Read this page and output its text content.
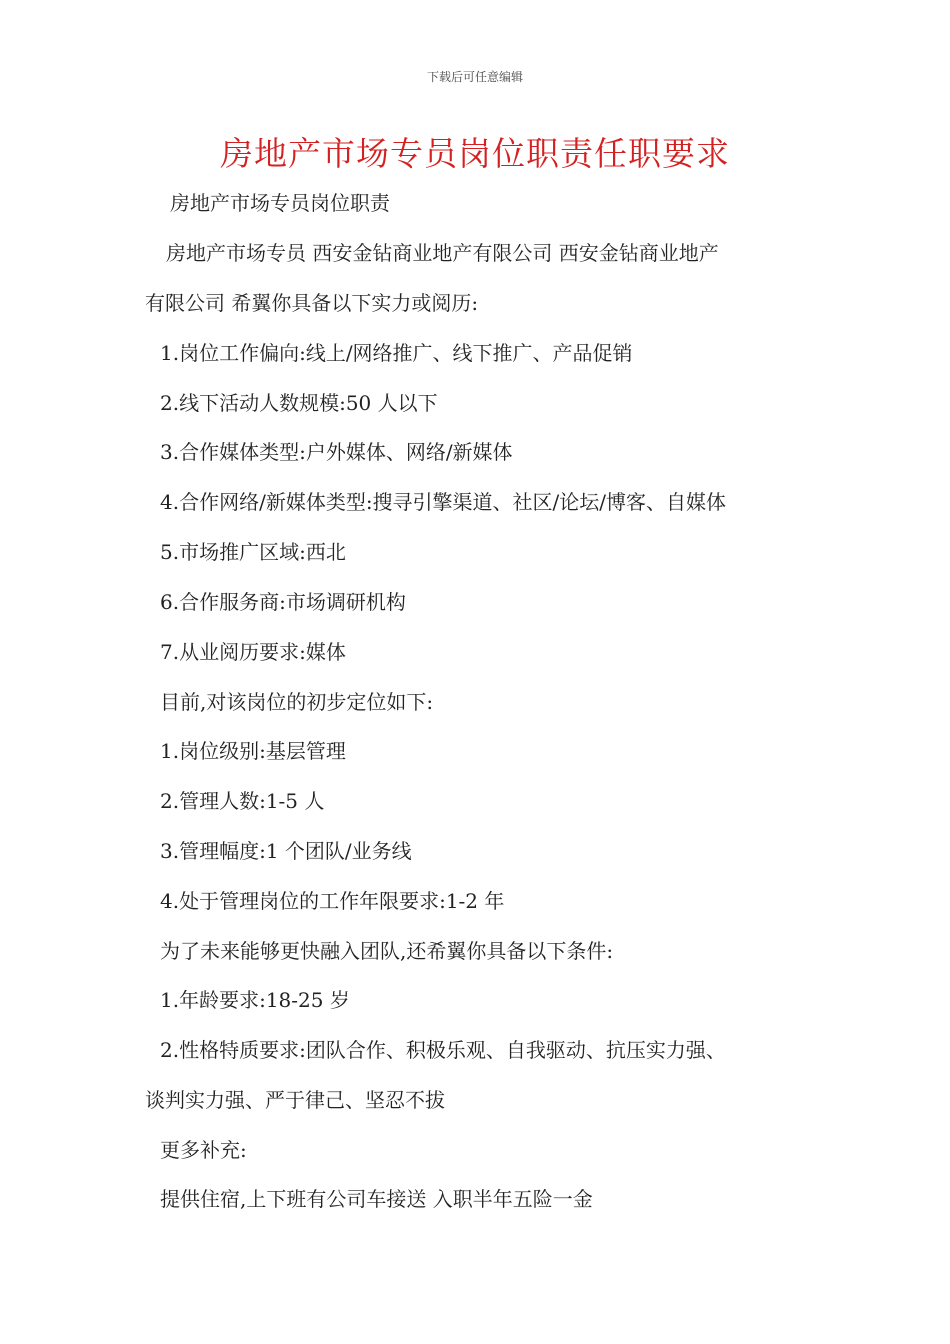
下载后可任意编辑
房地产市场专员岗位职责任职要求
房地产市场专员岗位职责
房地产市场专员 西安金钻商业地产有限公司 西安金钻商业地产
有限公司 希翼你具备以下实力或阅历:
1.岗位工作偏向:线上/网络推广、线下推广、产品促销
2.线下活动人数规模:50 人以下
3.合作媒体类型:户外媒体、网络/新媒体
4.合作网络/新媒体类型:搜寻引擎渠道、社区/论坛/博客、自媒体
5.市场推广区域:西北
6.合作服务商:市场调研机构
7.从业阅历要求:媒体
目前,对该岗位的初步定位如下:
1.岗位级别:基层管理
2.管理人数:1-5 人
3.管理幅度:1 个团队/业务线
4.处于管理岗位的工作年限要求:1-2 年
为了未来能够更快融入团队,还希翼你具备以下条件:
1.年龄要求:18-25 岁
2.性格特质要求:团队合作、积极乐观、自我驱动、抗压实力强、
谈判实力强、严于律己、坚忍不拔
更多补充:
提供住宿,上下班有公司车接送 入职半年五险一金
